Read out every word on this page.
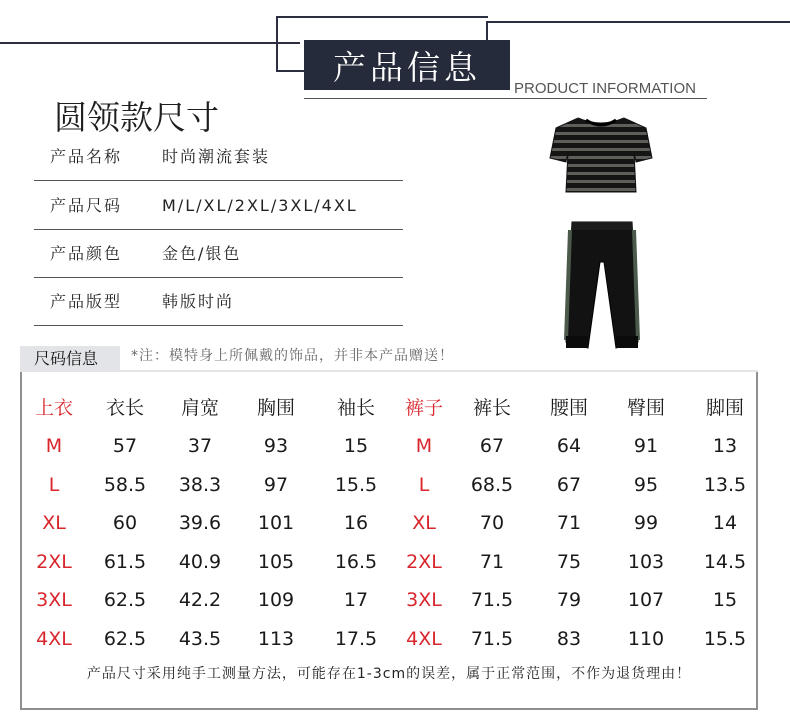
产品信息
PRODUCT INFORMATION
圆领款尺寸
产品名称 时尚潮流套装
产品尺码 M/L/XL/2XL/3XL/4XL
产品颜色 金色/银色
产品版型 韩版时尚
尺码信息 *注：模特身上所佩戴的饰品，并非本产品赠送！
上衣	衣长	肩宽	胸围	袖长	裤子	裤长	腰围	臀围	脚围
M	57	37	93	15	M	67	64	91	13
L	58.5	38.3	97	15.5	L	68.5	67	95	13.5
XL	60	39.6	101	16	XL	70	71	99	14
2XL	61.5	40.9	105	16.5	2XL	71	75	103	14.5
3XL	62.5	42.2	109	17	3XL	71.5	79	107	15
4XL	62.5	43.5	113	17.5	4XL	71.5	83	110	15.5
产品尺寸采用纯手工测量方法，可能存在1-3cm的误差，属于正常范围，不作为退货理由！
